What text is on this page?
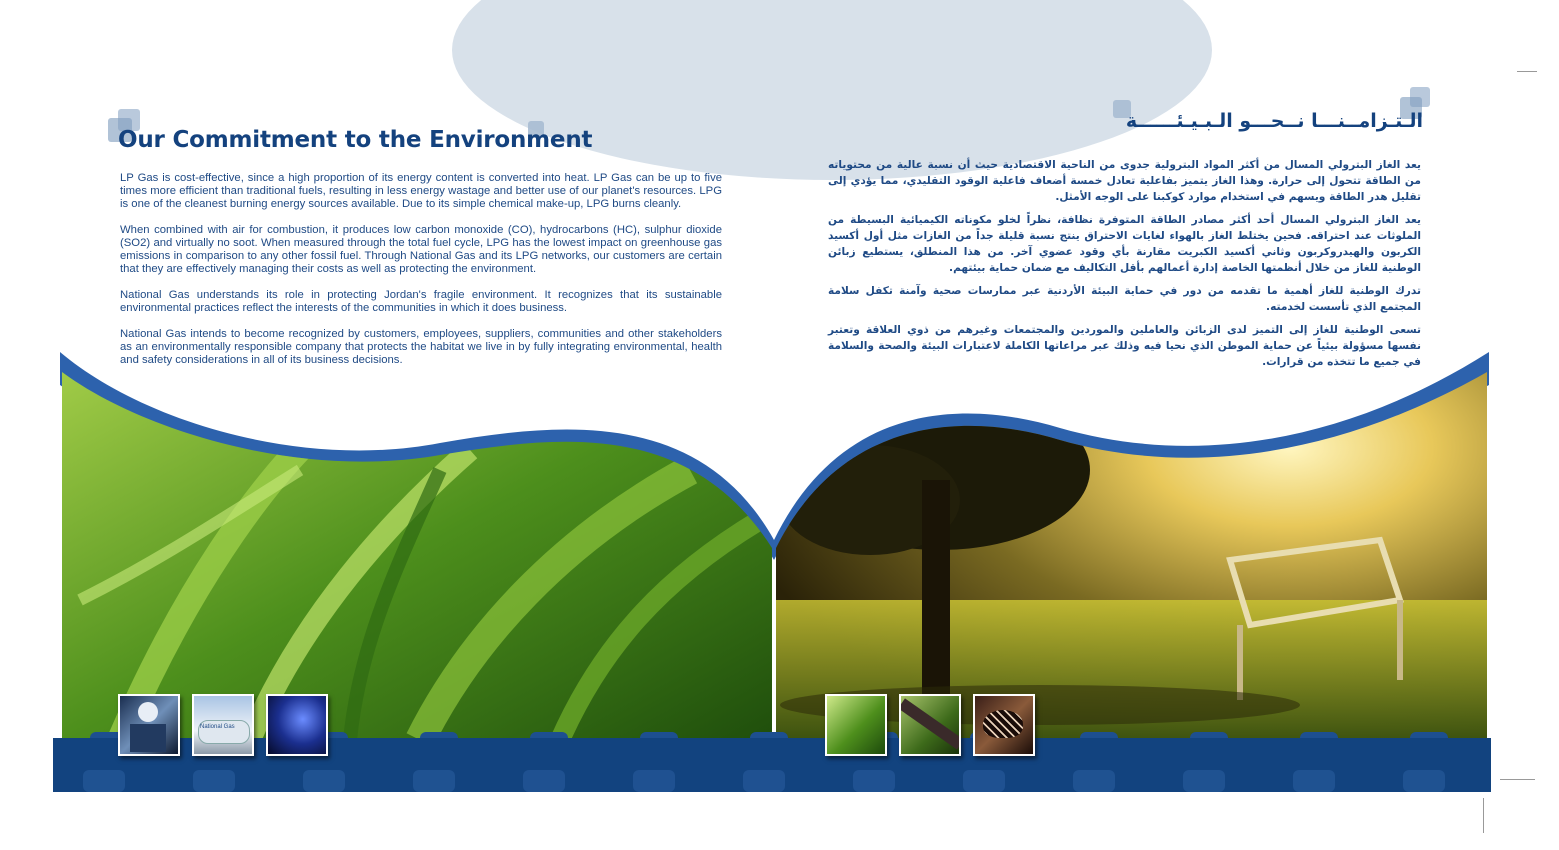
Our Commitment to the Environment

LP Gas is cost-effective, since a high proportion of its energy content is converted into heat. LP Gas can be up to five times more efficient than traditional fuels, resulting in less energy wastage and better use of our planet's resources. LPG is one of the cleanest burning energy sources available. Due to its simple chemical make-up, LPG burns cleanly.

When combined with air for combustion, it produces low carbon monoxide (CO), hydrocarbons (HC), sulphur dioxide (SO2) and virtually no soot. When measured through the total fuel cycle, LPG has the lowest impact on greenhouse gas emissions in comparison to any other fossil fuel. Through National Gas and its LPG networks, our customers are certain that they are effectively managing their costs as well as protecting the environment.

National Gas understands its role in protecting Jordan's fragile environment. It recognizes that its sustainable environmental practices reflect the interests of the communities in which it does business.

National Gas intends to become recognized by customers, employees, suppliers, communities and other stakeholders as an environmentally responsible company that protects the habitat we live in by fully integrating environmental, health and safety considerations in all of its business decisions.

الـتـزامــنـــا نــحـــو الـبـيـئــــــة

يعد الغاز البترولي المسال من أكثر المواد البترولية جدوى من الناحية الاقتصادية حيث أن نسبة عالية من محتوياته من الطاقة تتحول إلى حرارة. وهذا الغاز يتميز بفاعلية تعادل خمسة أضعاف فاعلية الوقود التقليدي، مما يؤدي إلى تقليل هدر الطاقة ويسهم في استخدام موارد كوكبنا على الوجه الأمثل.

يعد الغاز البترولي المسال أحد أكثر مصادر الطاقة المتوفرة نظافة، نظراً لخلو مكوناته الكيميائية البسيطة من الملوثات عند احتراقه. فحين يختلط الغاز بالهواء لغايات الاحتراق ينتج نسبة قليلة جداً من الغازات مثل أول أكسيد الكربون والهيدروكربون وثاني أكسيد الكبريت مقارنة بأي وقود عضوي آخر. من هذا المنطلق، يستطيع زبائن الوطنية للغاز من خلال أنظمتها الخاصة إدارة أعمالهم بأقل التكاليف مع ضمان حماية بيئتهم.

تدرك الوطنية للغاز أهمية ما تقدمه من دور في حماية البيئة الأردنية عبر ممارسات صحية وآمنة تكفل سلامة المجتمع الذي تأسست لخدمته.

تسعى الوطنية للغاز إلى التميز لدى الزبائن والعاملين والموردين والمجتمعات وغيرهم من ذوي العلاقة وتعتبر نفسها مسؤولة بيئياً عن حماية الموطن الذي نحيا فيه وذلك عبر مراعاتها الكاملة لاعتبارات البيئة والصحة والسلامة في جميع ما تتخذه من قرارات.

National Gas
